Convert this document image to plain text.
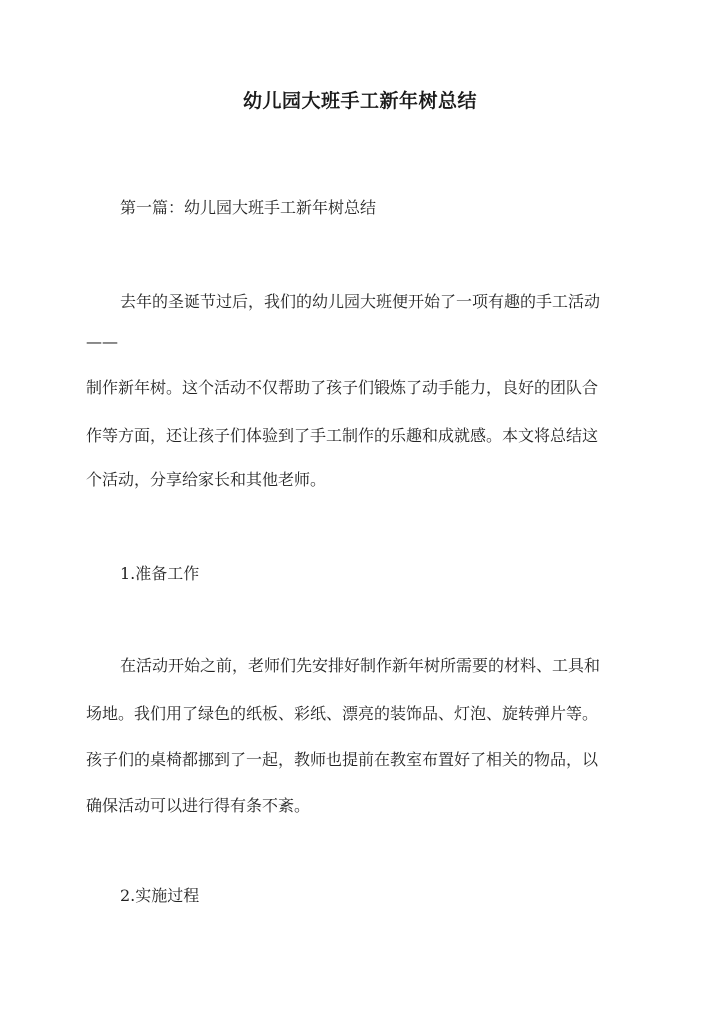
幼儿园大班手工新年树总结
第一篇：幼儿园大班手工新年树总结
去年的圣诞节过后，我们的幼儿园大班便开始了一项有趣的手工活动
——
制作新年树。这个活动不仅帮助了孩子们锻炼了动手能力，良好的团队合
作等方面，还让孩子们体验到了手工制作的乐趣和成就感。本文将总结这
个活动，分享给家长和其他老师。
1.准备工作
在活动开始之前，老师们先安排好制作新年树所需要的材料、工具和
场地。我们用了绿色的纸板、彩纸、漂亮的装饰品、灯泡、旋转弹片等。
孩子们的桌椅都挪到了一起，教师也提前在教室布置好了相关的物品，以
确保活动可以进行得有条不紊。
2.实施过程
